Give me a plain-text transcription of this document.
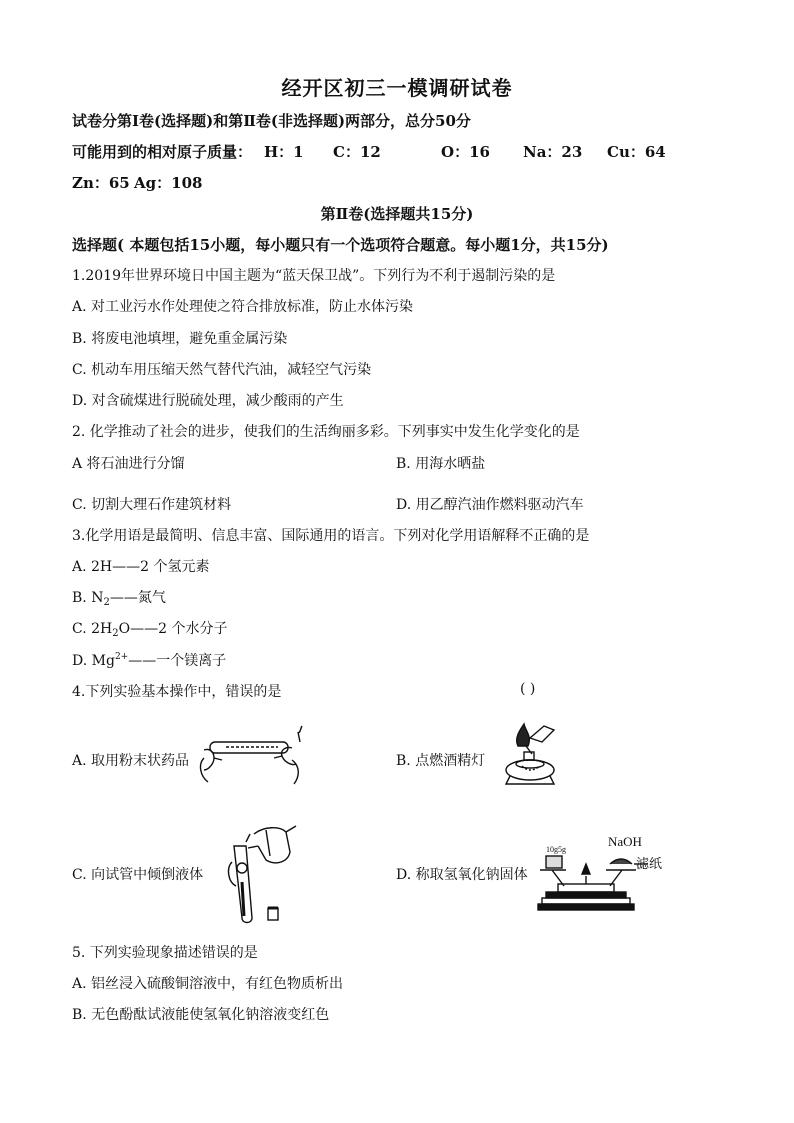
经开区初三一模调研试卷
试卷分第Ⅰ卷(选择题)和第Ⅱ卷(非选择题)两部分，总分50分
可能用到的相对原子质量： H：1 C：12	O：16 Na：23 Cu：64
Zn：65 Ag：108
第Ⅱ卷(选择题共15分)
选择题( 本题包括15小题，每小题只有一个选项符合题意。每小题1分，共15分)
1.2019年世界环境日中国主题为“蓝天保卫战”。下列行为不利于遏制污染的是
A. 对工业污水作处理使之符合排放标准，防止水体污染
B. 将废电池填埋，避免重金属污染
C. 机动车用压缩天然气替代汽油，减轻空气污染
D. 对含硫煤进行脱硫处理，减少酸雨的产生
2. 化学推动了社会的进步，使我们的生活绚丽多彩。下列事实中发生化学变化的是
A 将石油进行分馏	B. 用海水晒盐
C. 切割大理石作建筑材料	D. 用乙醇汽油作燃料驱动汽车
3.化学用语是最简明、信息丰富、国际通用的语言。下列对化学用语解释不正确的是
A. 2H——2 个氢元素
B. $N_2——$氮气
C. $2H_2O——2$ 个水分子
D. $Mg^{2+}——$一个镁离子
4.下列实验基本操作中，错误的是	( )
A. 取用粉末状药品	B. 点燃酒精灯
C. 向试管中倾倒液体	D. 称取氢氧化钠固体
10g5g
NaOH
滤纸
5. 下列实验现象描述错误的是
A. 铝丝浸入硫酸铜溶液中，有红色物质析出
B. 无色酚酞试液能使氢氧化钠溶液变红色
